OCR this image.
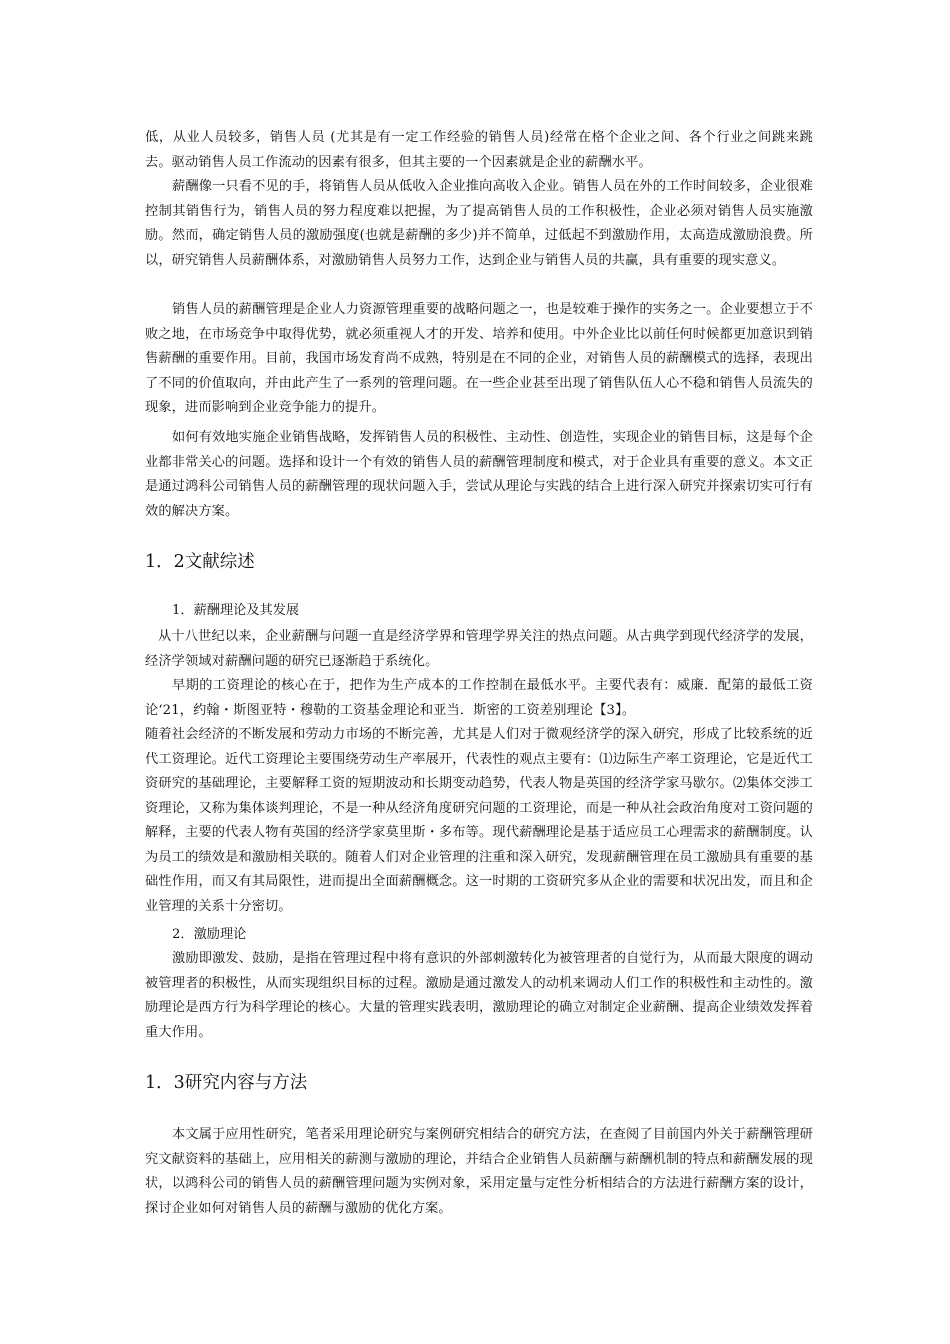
低，从业人员较多，销售人员 (尤其是有一定工作经验的销售人员)经常在格个企业之间、各个行业之间跳来跳去。驱动销售人员工作流动的因素有很多，但其主要的一个因素就是企业的薪酬水平。

薪酬像一只看不见的手，将销售人员从低收入企业推向高收入企业。销售人员在外的工作时间较多，企业很难控制其销售行为，销售人员的努力程度难以把握，为了提高销售人员的工作积极性，企业必须对销售人员实施激励。然而，确定销售人员的激励强度(也就是薪酬的多少)并不简单，过低起不到激励作用，太高造成激励浪费。所以，研究销售人员薪酬体系，对激励销售人员努力工作，达到企业与销售人员的共赢，具有重要的现实意义。

销售人员的薪酬管理是企业人力资源管理重要的战略问题之一，也是较难于操作的实务之一。企业要想立于不败之地，在市场竞争中取得优势，就必须重视人才的开发、培养和使用。中外企业比以前任何时候都更加意识到销售薪酬的重要作用。目前，我国市场发育尚不成熟，特别是在不同的企业，对销售人员的薪酬模式的选择，表现出了不同的价值取向，并由此产生了一系列的管理问题。在一些企业甚至出现了销售队伍人心不稳和销售人员流失的现象，进而影响到企业竞争能力的提升。

如何有效地实施企业销售战略，发挥销售人员的积极性、主动性、创造性，实现企业的销售目标，这是每个企业都非常关心的问题。选择和设计一个有效的销售人员的薪酬管理制度和模式，对于企业具有重要的意义。本文正是通过鸿科公司销售人员的薪酬管理的现状问题入手，尝试从理论与实践的结合上进行深入研究并探索切实可行有效的解决方案。

1．2文献综述
1．薪酬理论及其发展

从十八世纪以来，企业薪酬与问题一直是经济学界和管理学界关注的热点问题。从古典学到现代经济学的发展，经济学领域对薪酬问题的研究已逐渐趋于系统化。

早期的工资理论的核心在于，把作为生产成本的工作控制在最低水平。主要代表有：威廉．配第的最低工资论‘21，约翰・斯图亚特・穆勒的工资基金理论和亚当．斯密的工资差别理论【3】。

随着社会经济的不断发展和劳动力市场的不断完善，尤其是人们对于微观经济学的深入研究，形成了比较系统的近代工资理论。近代工资理论主要围绕劳动生产率展开，代表性的观点主要有：⑴边际生产率工资理论，它是近代工资研究的基础理论，主要解释工资的短期波动和长期变动趋势，代表人物是英国的经济学家马歇尔。⑵集体交涉工资理论，又称为集体谈判理论，不是一种从经济角度研究问题的工资理论，而是一种从社会政治角度对工资问题的解释，主要的代表人物有英国的经济学家莫里斯・多布等。现代薪酬理论是基于适应员工心理需求的薪酬制度。认为员工的绩效是和激励相关联的。随着人们对企业管理的注重和深入研究，发现薪酬管理在员工激励具有重要的基础性作用，而又有其局限性，进而提出全面薪酬概念。这一时期的工资研究多从企业的需要和状况出发，而且和企业管理的关系十分密切。

2．激励理论

激励即激发、鼓励，是指在管理过程中将有意识的外部刺激转化为被管理者的自觉行为，从而最大限度的调动被管理者的积极性，从而实现组织目标的过程。激励是通过激发人的动机来调动人们工作的积极性和主动性的。激励理论是西方行为科学理论的核心。大量的管理实践表明，激励理论的确立对制定企业薪酬、提高企业绩效发挥着重大作用。

1．3研究内容与方法

本文属于应用性研究，笔者采用理论研究与案例研究相结合的研究方法，在查阅了目前国内外关于薪酬管理研究文献资料的基础上，应用相关的薪测与激励的理论，并结合企业销售人员薪酬与薪酬机制的特点和薪酬发展的现状，以鸿科公司的销售人员的薪酬管理问题为实例对象，采用定量与定性分析相结合的方法进行薪酬方案的设计，探讨企业如何对销售人员的薪酬与激励的优化方案。
